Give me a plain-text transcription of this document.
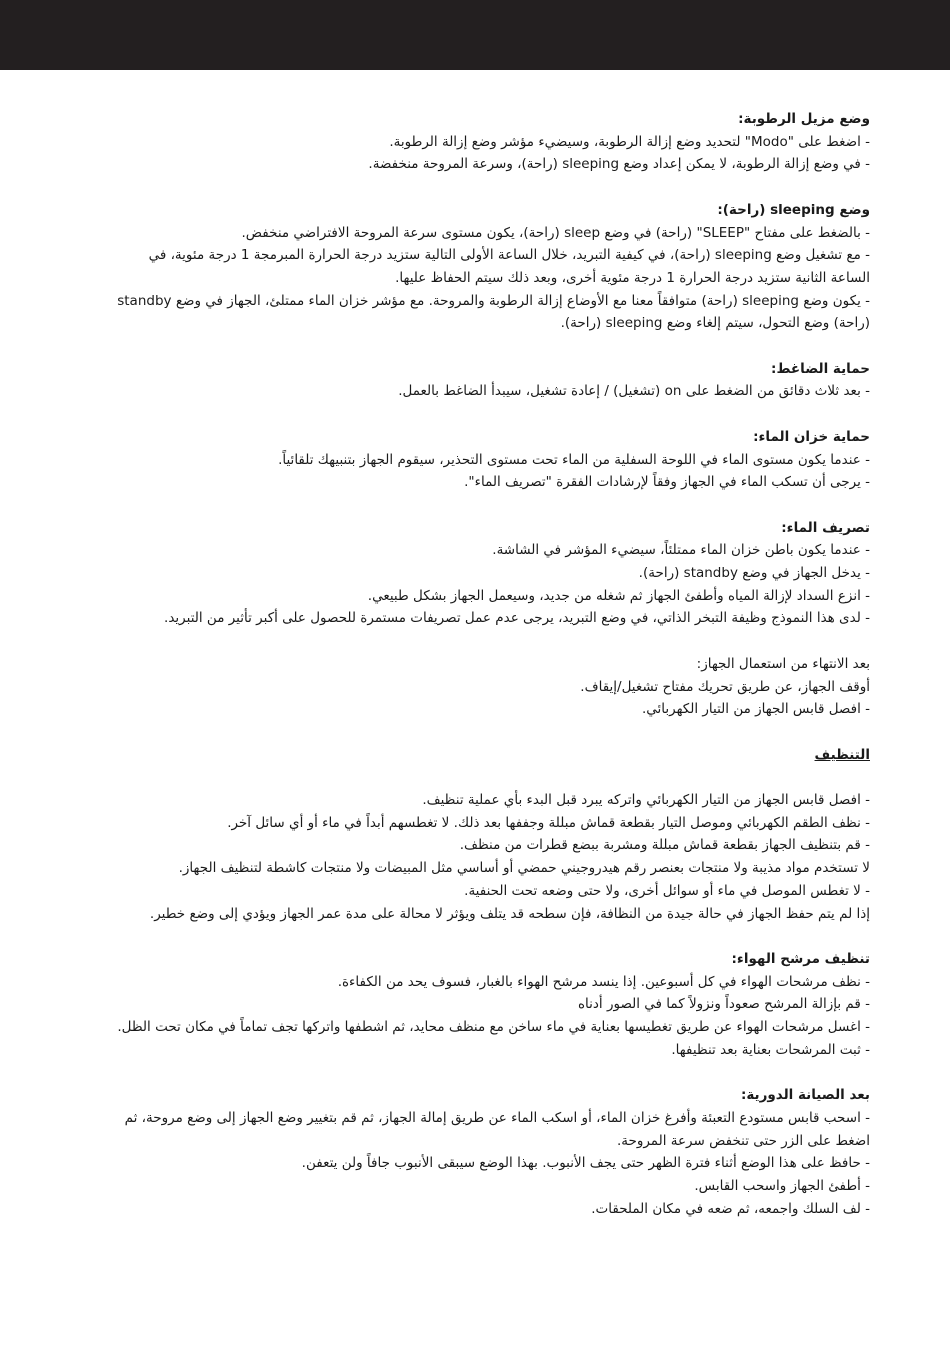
وضع مزيل الرطوبة:
- اضغط على "Modo" لتحديد وضع إزالة الرطوبة، وسيضيء مؤشر وضع إزالة الرطوبة.
- في وضع إزالة الرطوبة، لا يمكن إعداد وضع sleeping (راحة)، وسرعة المروحة منخفضة.
وضع sleeping (راحة):
- بالضغط على مفتاح "SLEEP" (راحة) في وضع sleep (راحة)، يكون مستوى سرعة المروحة الافتراضي منخفض.
- مع تشغيل وضع sleeping (راحة)، في كيفية التبريد، خلال الساعة الأولى التالية ستزيد درجة الحرارة المبرمجة 1 درجة مئوية، في الساعة الثانية ستزيد درجة الحرارة 1 درجة مئوية أخرى، وبعد ذلك سيتم الحفاظ عليها.
- يكون وضع sleeping (راحة) متوافقاً معنا مع الأوضاع إزالة الرطوبة والمروحة. مع مؤشر خزان الماء ممتلئ، الجهاز في وضع standby (راحة) وضع التحول، سيتم إلغاء وضع sleeping (راحة).
حماية الضاغط:
- بعد ثلاث دقائق من الضغط على on (تشغيل) / إعادة تشغيل، سيبدأ الضاغط بالعمل.
حماية خزان الماء:
- عندما يكون مستوى الماء في اللوحة السفلية من الماء تحت مستوى التحذير، سيقوم الجهاز بتنبيهك تلقائياً.
- يرجى أن تسكب الماء في الجهاز وفقاً لإرشادات الفقرة "تصريف الماء".
تصريف الماء:
- عندما يكون باطن خزان الماء ممتلئاً، سيضيء المؤشر في الشاشة.
- يدخل الجهاز في وضع standby (راحة).
- انزع السداد لإزالة المياه وأطفئ الجهاز ثم شغله من جديد، وسيعمل الجهاز بشكل طبيعي.
- لدى هذا النموذج وظيفة التبخر الذاتي، في وضع التبريد، يرجى عدم عمل تصريفات مستمرة للحصول على أكبر تأثير من التبريد.
بعد الانتهاء من استعمال الجهاز:
أوقف الجهاز، عن طريق تحريك مفتاح تشغيل/إيقاف.
- افصل قابس الجهاز من التيار الكهربائي.
التنظيف
- افصل قابس الجهاز من التيار الكهربائي واتركه يبرد قبل البدء بأي عملية تنظيف.
- نظف الطقم الكهربائي وموصل التيار بقطعة قماش مبللة وجففها بعد ذلك. لا تغطسهم أبداً في ماء أو أي سائل آخر.
- قم بتنظيف الجهاز بقطعة قماش مبللة ومشربة ببضع قطرات من منظف.
لا تستخدم مواد مذيبة ولا منتجات بعنصر رقم هيدروجيني حمضي أو أساسي مثل المبيضات ولا منتجات كاشطة لتنظيف الجهاز.
- لا تغطس الموصل في ماء أو سوائل أخرى، ولا حتى وضعه تحت الحنفية.
إذا لم يتم حفظ الجهاز في حالة جيدة من النظافة، فإن سطحه قد يتلف ويؤثر لا محالة على مدة عمر الجهاز ويؤدي إلى وضع خطير.
تنظيف مرشح الهواء:
- نظف مرشحات الهواء في كل أسبوعين. إذا ينسد مرشح الهواء بالغبار، فسوف يحد من الكفاءة.
- قم بإزالة المرشح صعوداً ونزولاً كما في الصور أدناه
- اغسل مرشحات الهواء عن طريق تغطيسها بعناية في ماء ساخن مع منظف محايد، ثم اشطفها واتركها تجف تماماً في مكان تحت الظل.
- ثبت المرشحات بعناية بعد تنظيفها.
بعد الصيانة الدورية:
- اسحب قابس مستودع التعبئة وأفرغ خزان الماء، أو اسكب الماء عن طريق إمالة الجهاز، ثم قم بتغيير وضع الجهاز إلى وضع مروحة، ثم اضغط على الزر حتى تنخفض سرعة المروحة.
- حافظ على هذا الوضع أثناء فترة الظهر حتى يجف الأنبوب. بهذا الوضع سيبقى الأنبوب جافاً ولن يتعفن.
- أطفئ الجهاز واسحب القابس.
- لف السلك واجمعه، ثم ضعه في مكان الملحقات.
